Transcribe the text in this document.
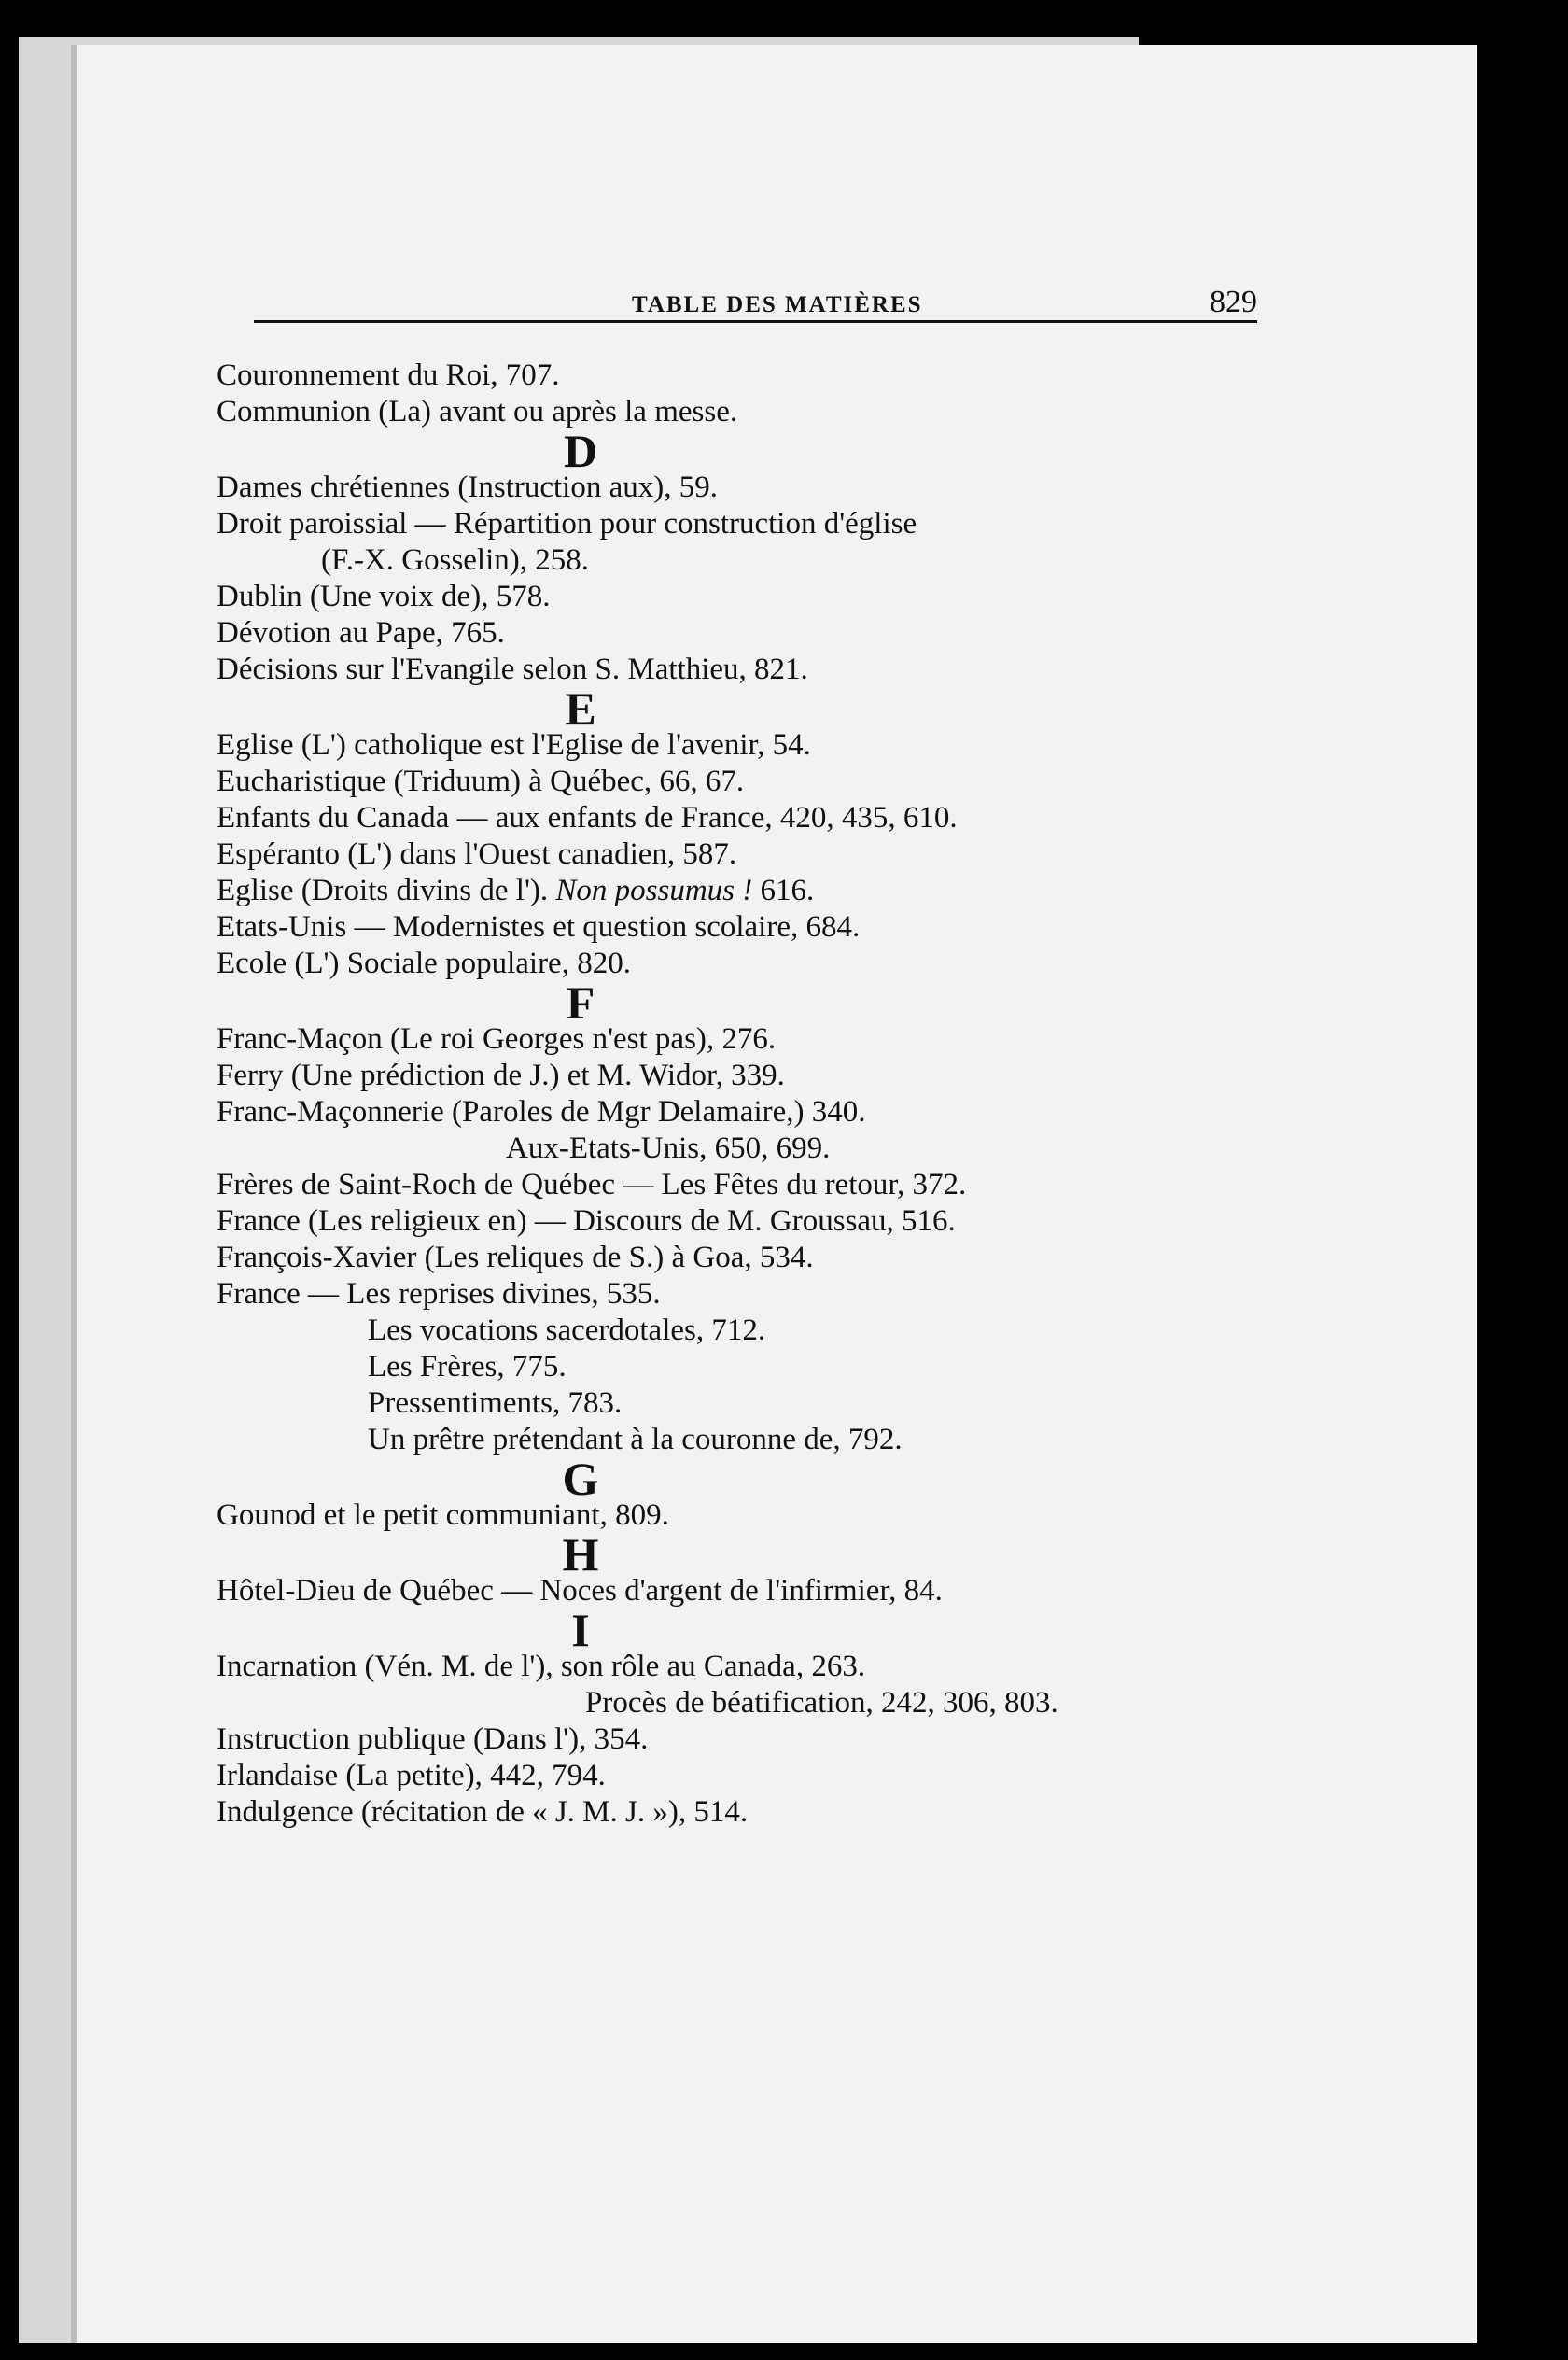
TABLE DES MATIÈRES	829
Couronnement du Roi, 707.
Communion (La) avant ou après la messe.
D
Dames chrétiennes (Instruction aux), 59.
Droit paroissial — Répartition pour construction d'église
(F.-X. Gosselin), 258.
Dublin (Une voix de), 578.
Dévotion au Pape, 765.
Décisions sur l'Evangile selon S. Matthieu, 821.
E
Eglise (L') catholique est l'Eglise de l'avenir, 54.
Eucharistique (Triduum) à Québec, 66, 67.
Enfants du Canada — aux enfants de France, 420, 435, 610.
Espéranto (L') dans l'Ouest canadien, 587.
Eglise (Droits divins de l'). Non possumus ! 616.
Etats-Unis — Modernistes et question scolaire, 684.
Ecole (L') Sociale populaire, 820.
F
Franc-Maçon (Le roi Georges n'est pas), 276.
Ferry (Une prédiction de J.) et M. Widor, 339.
Franc-Maçonnerie (Paroles de Mgr Delamaire,) 340.
Aux-Etats-Unis, 650, 699.
Frères de Saint-Roch de Québec — Les Fêtes du retour, 372.
France (Les religieux en) — Discours de M. Groussau, 516.
François-Xavier (Les reliques de S.) à Goa, 534.
France — Les reprises divines, 535.
Les vocations sacerdotales, 712.
Les Frères, 775.
Pressentiments, 783.
Un prêtre prétendant à la couronne de, 792.
G
Gounod et le petit communiant, 809.
H
Hôtel-Dieu de Québec — Noces d'argent de l'infirmier, 84.
I
Incarnation (Vén. M. de l'), son rôle au Canada, 263.
Procès de béatification, 242, 306, 803.
Instruction publique (Dans l'), 354.
Irlandaise (La petite), 442, 794.
Indulgence (récitation de « J. M. J. »), 514.
